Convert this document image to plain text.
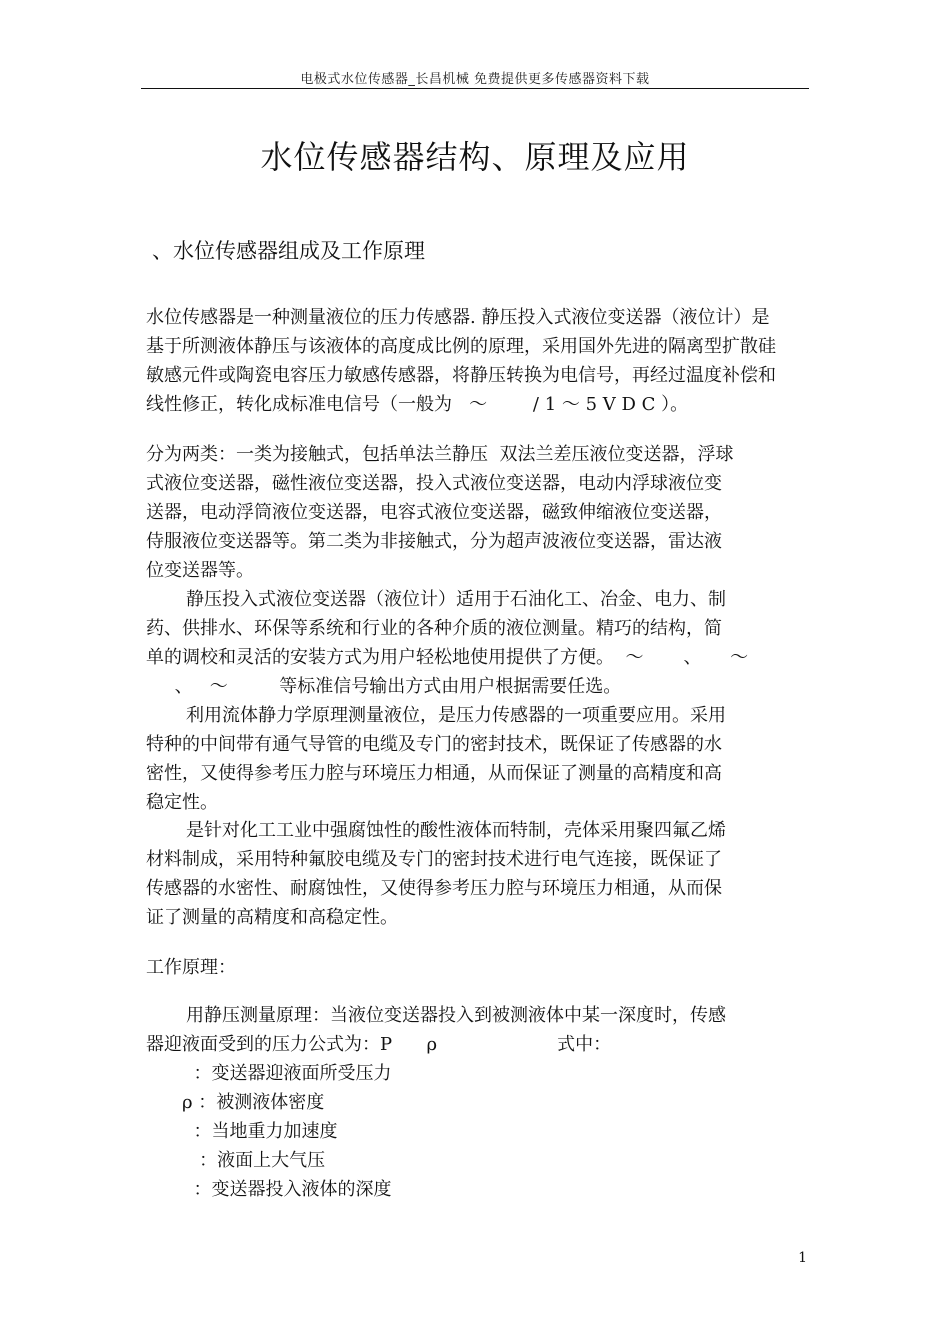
电极式水位传感器_长昌机械 免费提供更多传感器资料下载
水位传感器结构、原理及应用
、水位传感器组成及工作原理
水位传感器是一种测量液位的压力传感器. 静压投入式液位变送器（液位计）是
基于所测液体静压与该液体的高度成比例的原理，采用国外先进的隔离型扩散硅
敏感元件或陶瓷电容压力敏感传感器，将静压转换为电信号，再经过温度补偿和
线性修正，转化成标准电信号（一般为   ～        / 1 ～ 5 V D C ）。
分为两类：一类为接触式，包括单法兰静压  双法兰差压液位变送器，浮球
式液位变送器，磁性液位变送器，投入式液位变送器，电动内浮球液位变
送器，电动浮筒液位变送器，电容式液位变送器，磁致伸缩液位变送器，
侍服液位变送器等。第二类为非接触式，分为超声波液位变送器，雷达液
位变送器等。
静压投入式液位变送器（液位计）适用于石油化工、冶金、电力、制
药、供排水、环保等系统和行业的各种介质的液位测量。精巧的结构，简
单的调校和灵活的安装方式为用户轻松地使用提供了方便。  ～       、     ～
、   ～         等标准信号输出方式由用户根据需要任选。
利用流体静力学原理测量液位，是压力传感器的一项重要应用。采用
特种的中间带有通气导管的电缆及专门的密封技术，既保证了传感器的水
密性，又使得参考压力腔与环境压力相通，从而保证了测量的高精度和高
稳定性。
是针对化工工业中强腐蚀性的酸性液体而特制，壳体采用聚四氟乙烯
材料制成，采用特种氟胶电缆及专门的密封技术进行电气连接，既保证了
传感器的水密性、耐腐蚀性，又使得参考压力腔与环境压力相通，从而保
证了测量的高精度和高稳定性。
工作原理：
用静压测量原理：当液位变送器投入到被测液体中某一深度时，传感
器迎液面受到的压力公式为：P      ρ                     式中：
：变送器迎液面所受压力
ρ ：被测液体密度
：当地重力加速度
：液面上大气压
：变送器投入液体的深度
1
